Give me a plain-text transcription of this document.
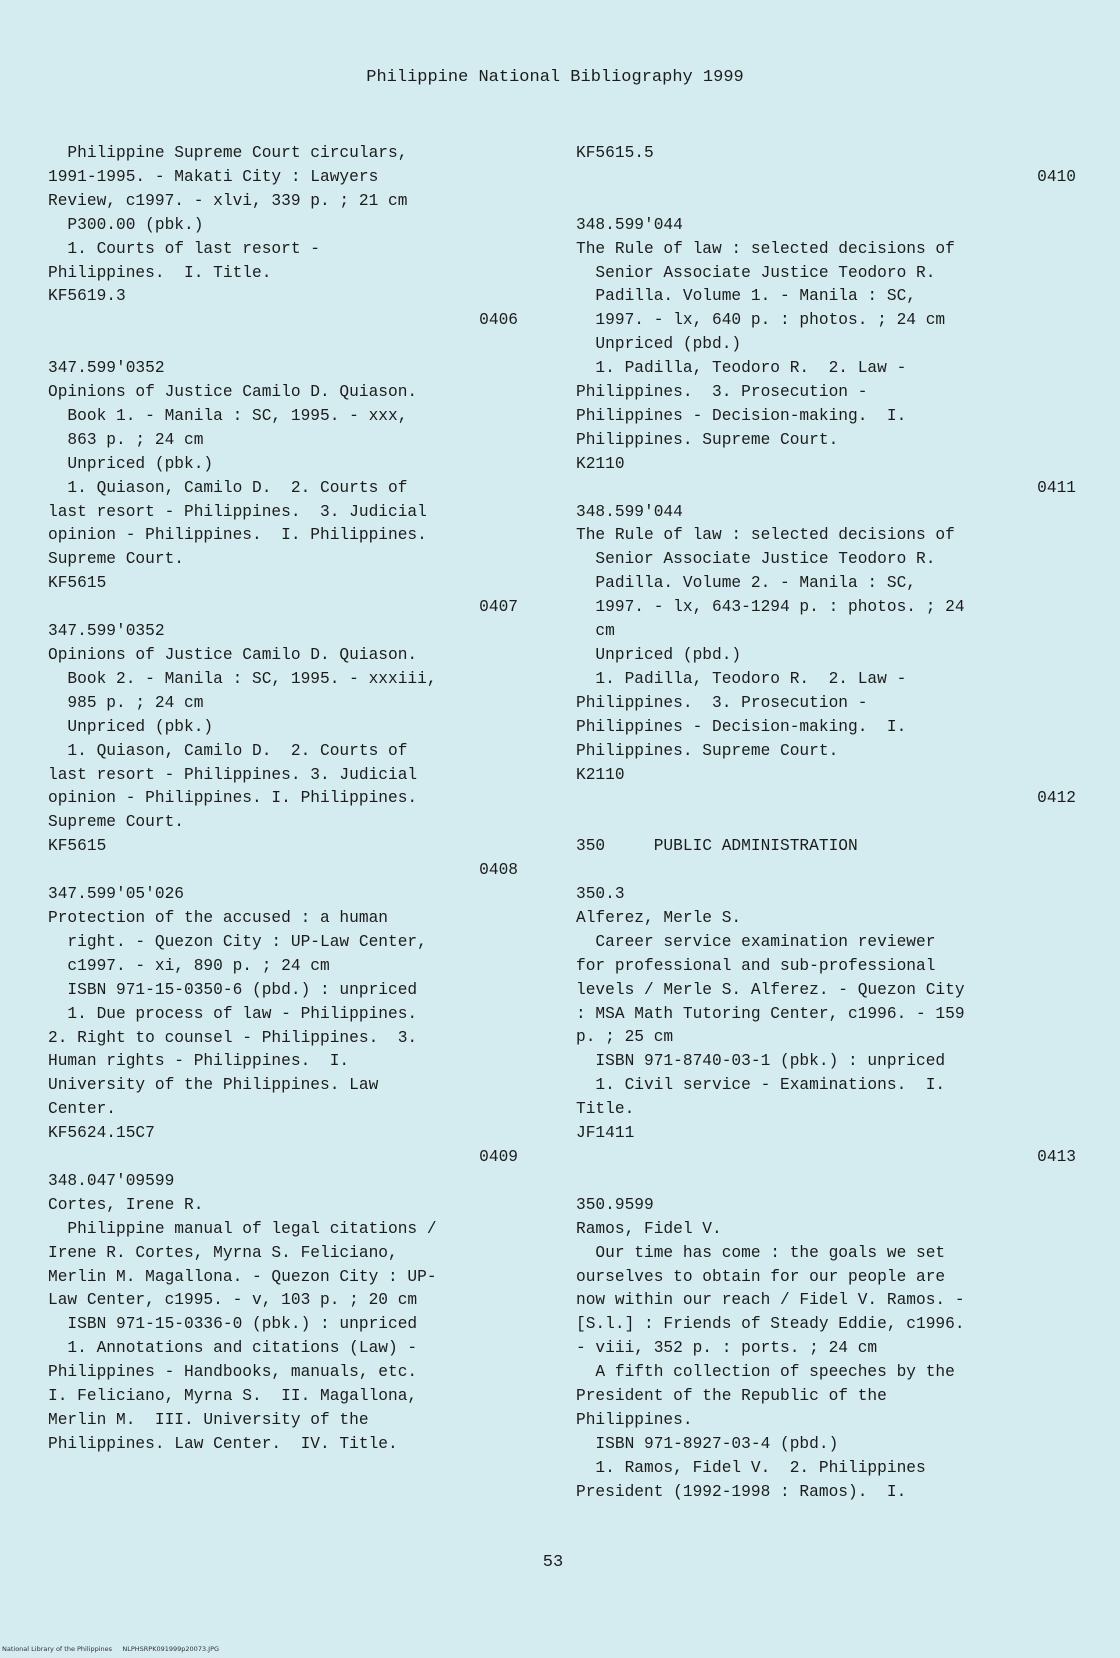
Philippine National Bibliography 1999
Philippine Supreme Court circulars,
1991-1995. - Makati City : Lawyers
Review, c1997. - xlvi, 339 p. ; 21 cm
P300.00 (pbk.)
1. Courts of last resort -
Philippines.  I. Title.
KF5619.3
0406
347.599'0352
Opinions of Justice Camilo D. Quiason.
Book 1. - Manila : SC, 1995. - xxx,
863 p. ; 24 cm
Unpriced (pbk.)
1. Quiason, Camilo D.  2. Courts of
last resort - Philippines.  3. Judicial
opinion - Philippines.  I. Philippines.
Supreme Court.
KF5615
0407
347.599'0352
Opinions of Justice Camilo D. Quiason.
Book 2. - Manila : SC, 1995. - xxxiii,
985 p. ; 24 cm
Unpriced (pbk.)
1. Quiason, Camilo D.  2. Courts of
last resort - Philippines. 3. Judicial
opinion - Philippines. I. Philippines.
Supreme Court.
KF5615
0408
347.599'05'026
Protection of the accused : a human
right. - Quezon City : UP-Law Center,
c1997. - xi, 890 p. ; 24 cm
ISBN 971-15-0350-6 (pbd.) : unpriced
1. Due process of law - Philippines.
2. Right to counsel - Philippines.  3.
Human rights - Philippines.  I.
University of the Philippines. Law
Center.
KF5624.15C7
0409
348.047'09599
Cortes, Irene R.
Philippine manual of legal citations /
Irene R. Cortes, Myrna S. Feliciano,
Merlin M. Magallona. - Quezon City : UP-
Law Center, c1995. - v, 103 p. ; 20 cm
ISBN 971-15-0336-0 (pbk.) : unpriced
1. Annotations and citations (Law) -
Philippines - Handbooks, manuals, etc.
I. Feliciano, Myrna S.  II. Magallona,
Merlin M.  III. University of the
Philippines. Law Center.  IV. Title.
KF5615.5
0410
348.599'044
The Rule of law : selected decisions of
Senior Associate Justice Teodoro R.
Padilla. Volume 1. - Manila : SC,
1997. - lx, 640 p. : photos. ; 24 cm
Unpriced (pbd.)
1. Padilla, Teodoro R.  2. Law -
Philippines.  3. Prosecution -
Philippines - Decision-making.  I.
Philippines. Supreme Court.
K2110
0411
348.599'044
The Rule of law : selected decisions of
Senior Associate Justice Teodoro R.
Padilla. Volume 2. - Manila : SC,
1997. - lx, 643-1294 p. : photos. ; 24
cm
Unpriced (pbd.)
1. Padilla, Teodoro R.  2. Law -
Philippines.  3. Prosecution -
Philippines - Decision-making.  I.
Philippines. Supreme Court.
K2110
0412
350     PUBLIC ADMINISTRATION
350.3
Alferez, Merle S.
Career service examination reviewer
for professional and sub-professional
levels / Merle S. Alferez. - Quezon City
: MSA Math Tutoring Center, c1996. - 159
p. ; 25 cm
ISBN 971-8740-03-1 (pbk.) : unpriced
1. Civil service - Examinations.  I.
Title.
JF1411
0413
350.9599
Ramos, Fidel V.
Our time has come : the goals we set
ourselves to obtain for our people are
now within our reach / Fidel V. Ramos. -
[S.l.] : Friends of Steady Eddie, c1996.
- viii, 352 p. : ports. ; 24 cm
A fifth collection of speeches by the
President of the Republic of the
Philippines.
ISBN 971-8927-03-4 (pbd.)
1. Ramos, Fidel V.  2. Philippines
President (1992-1998 : Ramos).  I.
53
National Library of the Philippines     NLPHSRPK091999p20073.JPG
